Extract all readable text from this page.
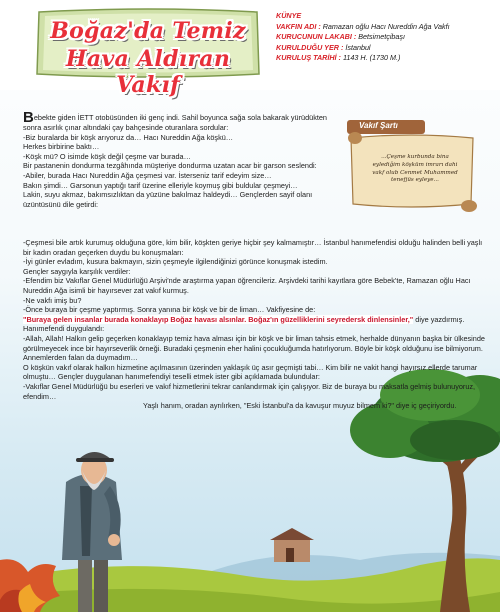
Boğaz'da Temiz
Hava Aldıran Vakıf
KÜNYE
VAKFIN ADI : Ramazan oğlu Hacı Nureddin Ağa Vakfı
KURUCUNUN LAKABI : Betsimetçibaşı
KURULDUĞU YER : İstanbul
KURULUŞ TARİHİ : 1143 H. (1730 M.)
Vakıf Şartı
...Çeşme kurbunda bina eylediğim köşküm imrarı dahi vakf olub Cenmet Muhammed tenefjüs eyleye...

Bebekte giden İETT otobüsünden iki genç indi. Sahil boyunca sağa sola bakarak yürüdükten sonra asırlık çınar altındaki çay bahçesinde oturanlara sordular:

-Biz buralarda bir köşk arıyoruz da… Hacı Nureddin Ağa köşkü…

Herkes birbirine baktı…

-Köşk mü? O isimde köşk değil çeşme var burada…

Bir pastanenin dondurma tezgâhında müşteriye dondurma uzatan acar bir garson seslendi:

-Abiler, burada Hacı Nureddin Ağa çeşmesi var. İsterseniz tarif edeyim size…

Bakın şimdi… Garsonun yaptığı tarif üzerine elleriyle koymuş gibi buldular çeşmeyi…

Lakin, suyu akmaz, bakımsızlıktan da yüzüne bakılmaz haldeydi… Gençlerden sayif olanı üzüntüsünü dile getirdi:

-Çeşmesi bile artık kurumuş olduğuna göre, kim bilir, köşkten geriye hiçbir şey kalmamıştır… İstanbul hanımefendisi olduğu halinden belli yaşlı bir kadın oradan geçerken duydu bu konuşmaları:

-İyi günler evladım, kusura bakmayın, sizin çeşmeyle ilgilendiğinizi görünce konuşmak istedim.

Gençler saygıyla karşılık verdiler:

-Efendim biz Vakıflar Genel Müdürlüğü Arşivi'nde araştırma yapan öğrencileriz. Arşivdeki tarihi kayıtlara göre Bebek'te, Ramazan oğlu Hacı Nureddin Ağa isimli bir hayırsever zat vakıf kurmuş.

-Ne vakfı imiş bu?

-Önce buraya bir çeşme yaptırmış. Sonra yanına bir köşk ve bir de liman… Vakfiyesine de:

"Buraya gelen insanlar burada konaklayıp Boğaz havası alsınlar. Boğaz'ın güzelliklerini seyredersk dinlensinler," diye yazdırmış.

Hanımefendi duygulandı:

-Allah, Allah! Halkın gelip geçerken konaklayıp temiz hava alması için bir köşk ve bir liman tahsis etmek, herhalde dünyanın başka bir ülkesinde görülmeyecek ince bir hayırseverlik örneği. Buradaki çeşmenin eher halini çocukluğumda hatırlıyorum. Böyle bir köşk olduğunu ise bilmiyorum. Annemlerden falan da duymadım…

O köşkün vakıf olarak halkın hizmetine açılmasının üzerinden yaklaşık üç asır geçmişti tabi… Kim bilir ne vakit hangi hayırsız ellerde tarumar olmuştu… Gençler duygulanan hanımefendiyi teselli etmek ister gibi açıklamada bulundular:

-Vakıflar Genel Müdürlüğü bu eserleri ve vakıf hizmetlerini tekrar canlandırmak için çalışıyor. Biz de buraya bu maksatla gelmiş bulunuyoruz, efendim…

Yaşlı hanım, oradan ayrılırken, "Eski İstanbul'a da kavuşur muyuz bilmem ki?" diye iç geçiriyordu.
